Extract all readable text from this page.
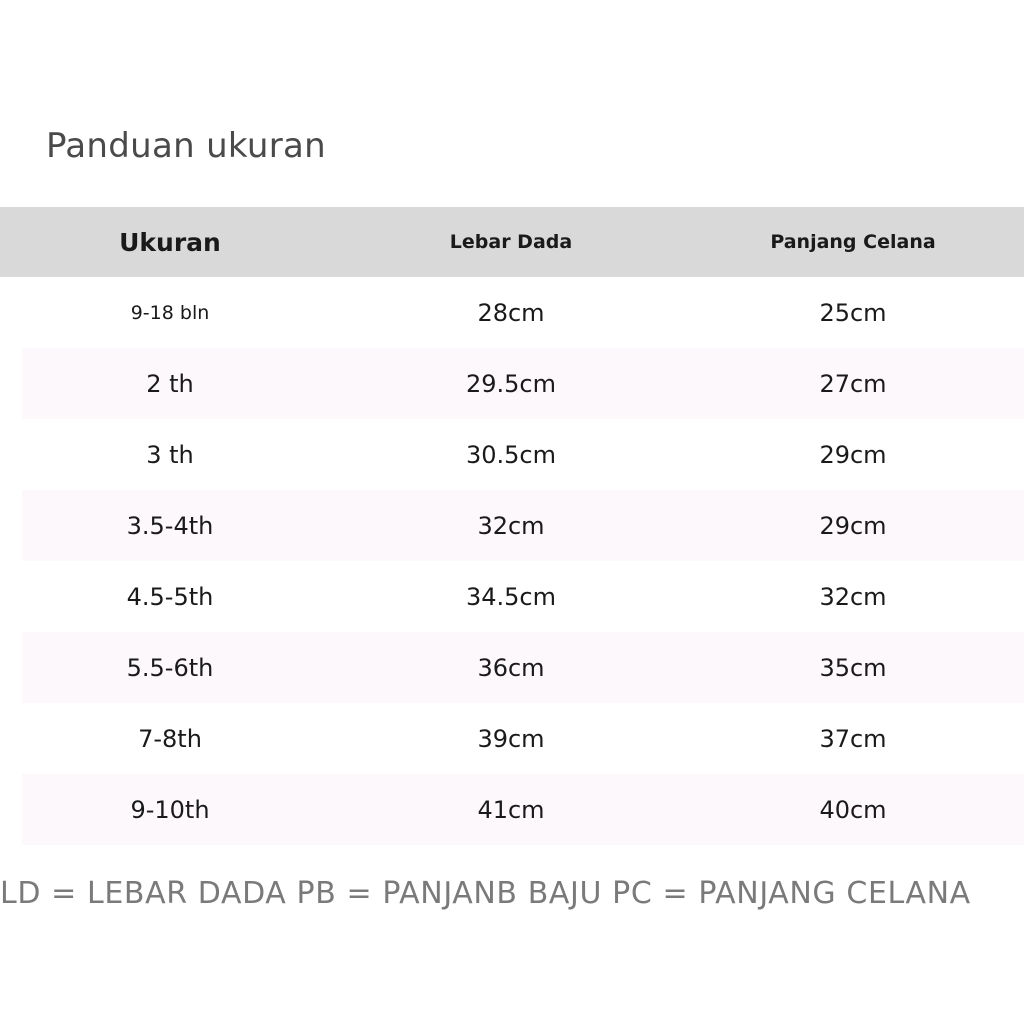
Panduan ukuran
Ukuran	Lebar Dada	Panjang Celana
9-18 bln	28cm	25cm
2 th	29.5cm	27cm
3 th	30.5cm	29cm
3.5-4th	32cm	29cm
4.5-5th	34.5cm	32cm
5.5-6th	36cm	35cm
7-8th	39cm	37cm
9-10th	41cm	40cm
LD = LEBAR DADA PB = PANJANB BAJU PC = PANJANG CELANA
